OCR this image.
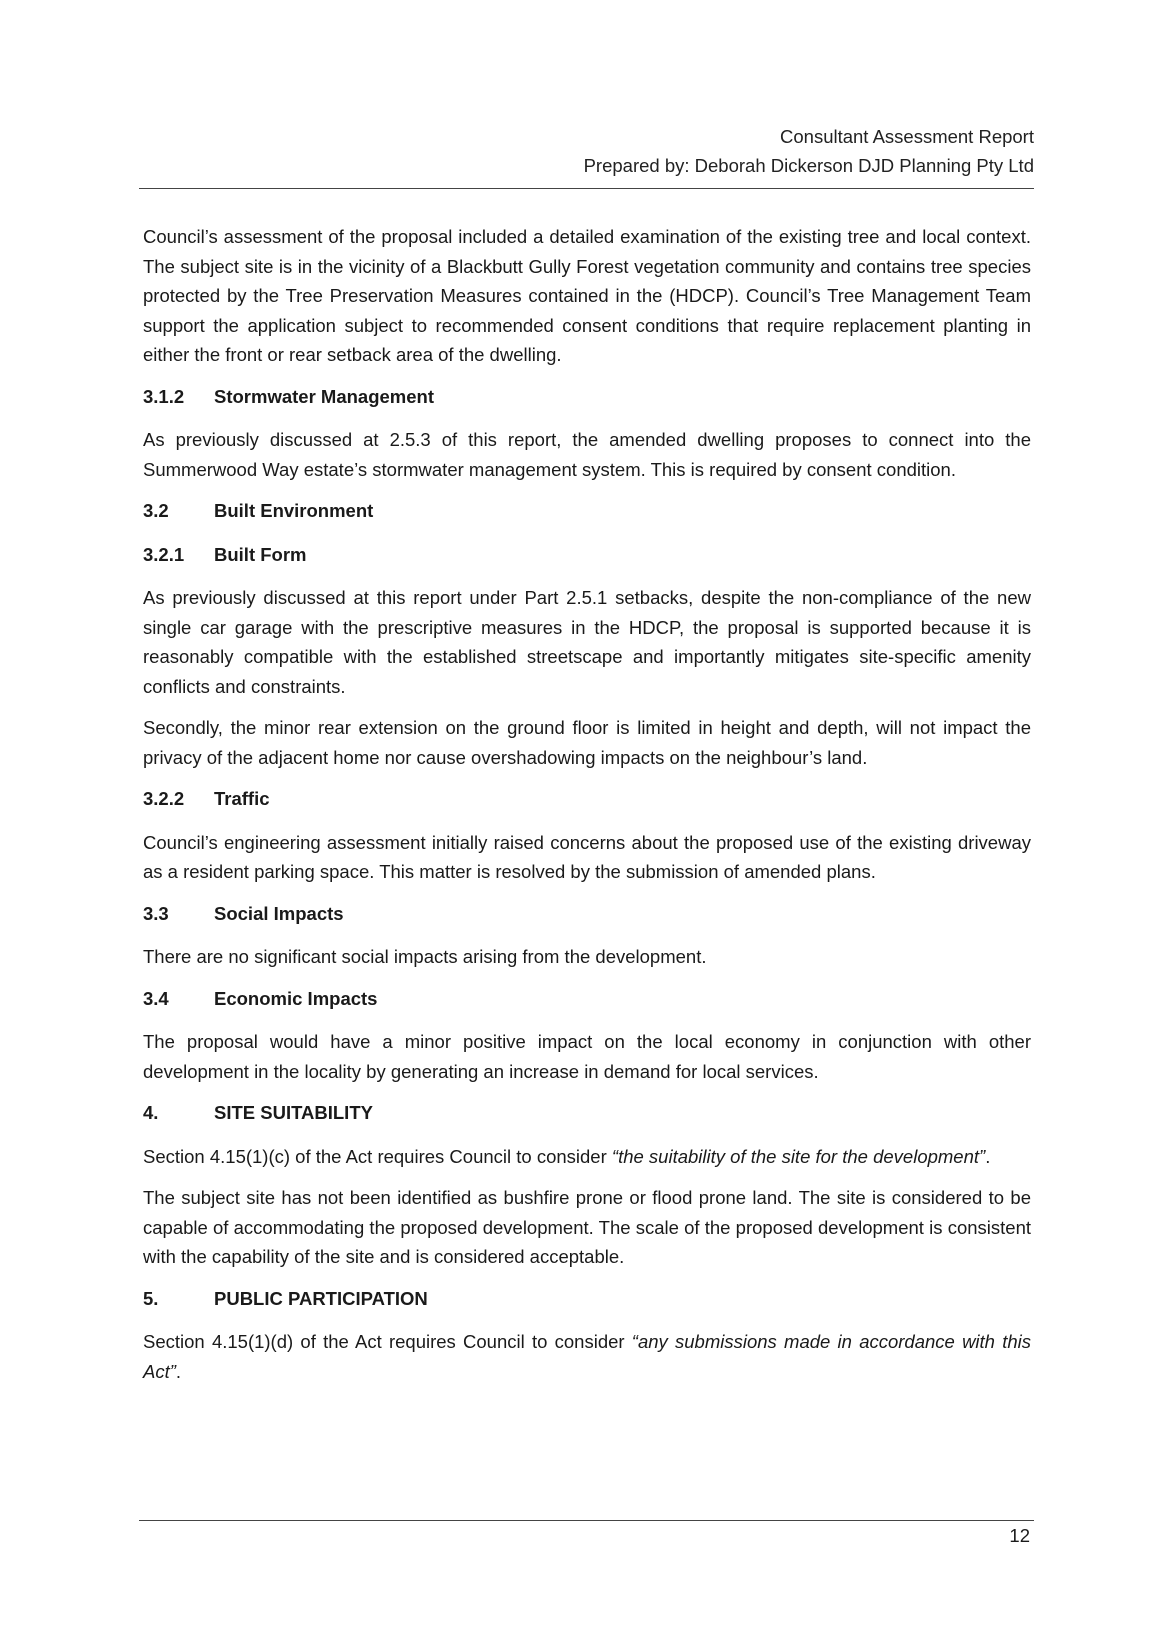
Consultant Assessment Report
Prepared by: Deborah Dickerson DJD Planning Pty Ltd

Council’s assessment of the proposal included a detailed examination of the existing tree and local context. The subject site is in the vicinity of a Blackbutt Gully Forest vegetation community and contains tree species protected by the Tree Preservation Measures contained in the (HDCP). Council’s Tree Management Team support the application subject to recommended consent conditions that require replacement planting in either the front or rear setback area of the dwelling.

3.1.2	Stormwater Management

As previously discussed at 2.5.3 of this report, the amended dwelling proposes to connect into the Summerwood Way estate’s stormwater management system. This is required by consent condition.

3.2	Built Environment
3.2.1	Built Form

As previously discussed at this report under Part 2.5.1 setbacks, despite the non-compliance of the new single car garage with the prescriptive measures in the HDCP, the proposal is supported because it is reasonably compatible with the established streetscape and importantly mitigates site-specific amenity conflicts and constraints.

Secondly, the minor rear extension on the ground floor is limited in height and depth, will not impact the privacy of the adjacent home nor cause overshadowing impacts on the neighbour’s land.

3.2.2	Traffic

Council’s engineering assessment initially raised concerns about the proposed use of the existing driveway as a resident parking space. This matter is resolved by the submission of amended plans.

3.3	Social Impacts

There are no significant social impacts arising from the development.

3.4	Economic Impacts

The proposal would have a minor positive impact on the local economy in conjunction with other development in the locality by generating an increase in demand for local services.

4.	SITE SUITABILITY

Section 4.15(1)(c) of the Act requires Council to consider “the suitability of the site for the development”.

The subject site has not been identified as bushfire prone or flood prone land. The site is considered to be capable of accommodating the proposed development. The scale of the proposed development is consistent with the capability of the site and is considered acceptable.

5.	PUBLIC PARTICIPATION

Section 4.15(1)(d) of the Act requires Council to consider “any submissions made in accordance with this Act”.

12
